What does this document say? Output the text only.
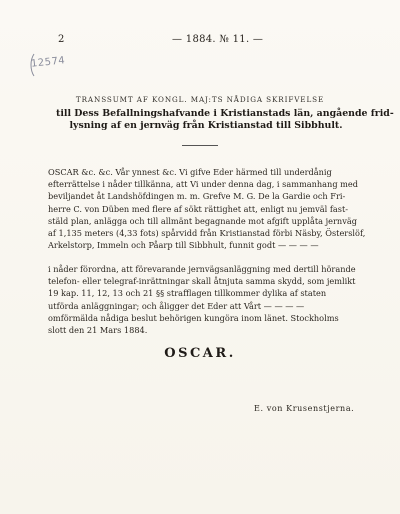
2	— 1884. № 11. —
12574
TRANSSUMT AF KONGL. MAJ:TS NÅDIGA SKRIFVELSE
till Dess Befallningshafvande i Kristianstads län, angående frid-
lysning af en jernväg från Kristianstad till Sibbhult.
OSCAR &c. &c. Vår ynnest &c. Vi gifve Eder härmed till underdånig
efterrättelse i nåder tillkänna, att Vi under denna dag, i sammanhang med
beviljandet åt Landshöfdingen m. m. Grefve M. G. De la Gardie och Fri-
herre C. von Düben med flere af sökt rättighet att, enligt nu jemväl fast-
stäld plan, anlägga och till allmänt begagnande mot afgift upplåta jernväg
af 1,135 meters (4,33 fots) spårvidd från Kristianstad förbi Näsby, Österslöf,
Arkelstorp, Immeln och Påarp till Sibbhult, funnit godt — — — —
i nåder förordna, att förevarande jernvägsanläggning med dertill hörande
telefon- eller telegraf-inrättningar skall åtnjuta samma skydd, som jemlikt
19 kap. 11, 12, 13 och 21 §§ strafflagen tillkommer dylika af staten
utförda anläggningar; och åligger det Eder att Vårt — — — —
omförmälda nådiga beslut behörigen kungöra inom länet. Stockholms
slott den 21 Mars 1884.
OSCAR.
E. von Krusenstjerna.
